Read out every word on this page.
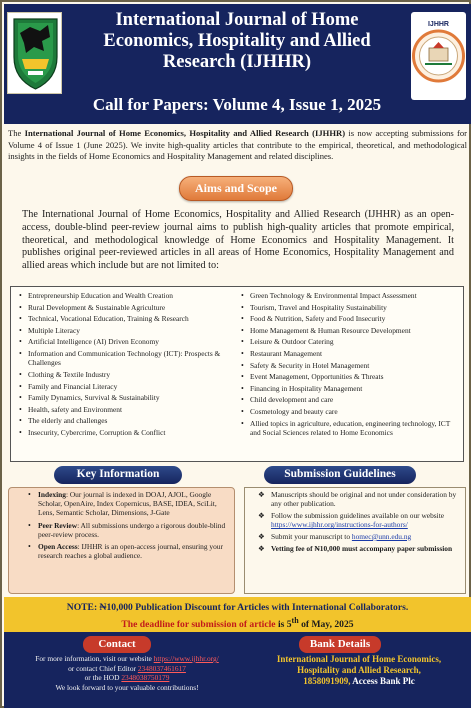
International Journal of Home
Economics, Hospitality and Allied
Research (IJHHR)
IJHHR
Call for Papers: Volume 4, Issue 1, 2025

The International Journal of Home Economics, Hospitality and Allied Research (IJHHR) is now accepting submissions for Volume 4 of Issue 1 (June 2025). We invite high-quality articles that contribute to the empirical, theoretical, and methodological insights in the fields of Home Economics and Hospitality Management and related disciplines.

Aims and Scope

The International Journal of Home Economics, Hospitality and Allied Research (IJHHR) as an open-access, double-blind peer-review journal aims to publish high-quality articles that promote empirical, theoretical, and methodological knowledge of Home Economics and Hospitality Management. It publishes original peer-reviewed articles in all areas of Home Economics, Hospitality Management and allied areas which include but are not limited to:

• Entrepreneurship Education and Wealth Creation
• Rural Development & Sustainable Agriculture
• Technical, Vocational Education, Training & Research
• Multiple Literacy
• Artificial Intelligence (AI) Driven Economy
• Information and Communication Technology (ICT): Prospects & Challenges
• Clothing & Textile Industry
• Family and Financial Literacy
• Family Dynamics, Survival & Sustainability
• Health, safety and Environment
• The elderly and challenges
• Insecurity, Cybercrime, Corruption & Conflict
• Green Technology & Environmental Impact Assessment
• Tourism, Travel and Hospitality Sustainability
• Food & Nutrition, Safety and Food Insecurity
• Home Management & Human Resource Development
• Leisure & Outdoor Catering
• Restaurant Management
• Safety & Security in Hotel Management
• Event Management, Opportunities & Threats
• Financing in Hospitality Management
• Child development and care
• Cosmetology and beauty care
• Allied topics in agriculture, education, engineering technology, ICT and Social Sciences related to Home Economics
Key Information	Submission Guidelines
• Indexing: Our journal is indexed in DOAJ, AJOL, Google Scholar, OpenAire, Index Copernicus, BASE, IDEA, SciLit, Lens, Semantic Scholar, Dimensions, J-Gate
• Peer Review: All submissions undergo a rigorous double-blind peer-review process.
• Open Access: IJHHR is an open-access journal, ensuring your research reaches a global audience.
❖ Manuscripts should be original and not under consideration by any other publication.
❖ Follow the submission guidelines available on our website https://www.ijhhr.org/instructions-for-authors/
❖ Submit your manuscript to homec@unn.edu.ng
❖ Vetting fee of ₦10,000 must accompany paper submission
NOTE: ₦10,000 Publication Discount for Articles with International Collaborators.
The deadline for submission of article is 5th of May, 2025
Contact	Bank Details
For more information, visit our website https://www.ijhhr.org/
or contact Chief Editor 2348037461617
or the HOD 2348038750179
We look forward to your valuable contributions!
International Journal of Home Economics,
Hospitality and Allied Research,
1858091909, Access Bank Plc
